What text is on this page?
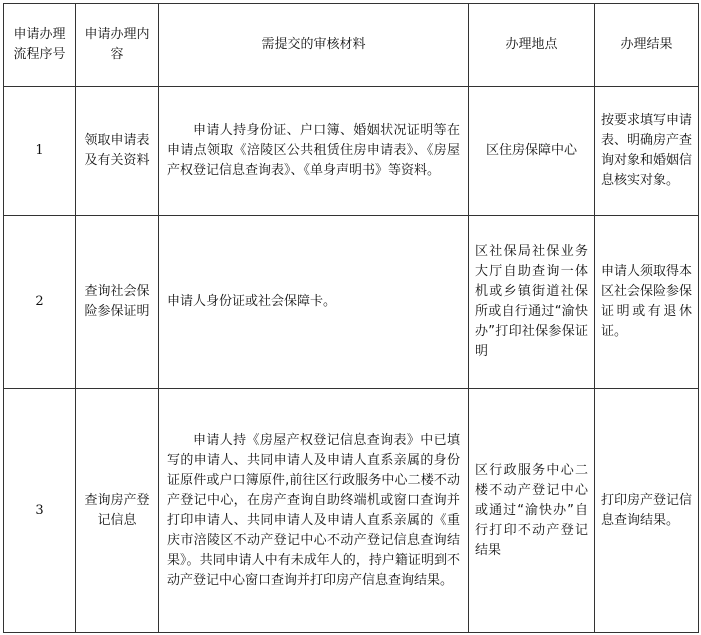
申请办理流程序号	申请办理内容	需提交的审核材料	办理地点	办理结果
1	领取申请表及有关资料	申请人持身份证、户口簿、婚姻状况证明等在申请点领取《涪陵区公共租赁住房申请表》、《房屋产权登记信息查询表》、《单身声明书》等资料。	区住房保障中心	按要求填写申请表、明确房产查询对象和婚姻信息核实对象。
2	查询社会保险参保证明	申请人身份证或社会保障卡。	区社保局社保业务大厅自助查询一体机或乡镇街道社保所或自行通过“渝快办”打印社保参保证明	申请人须取得本区社会保险参保证明或有退休证。
3	查询房产登记信息	申请人持《房屋产权登记信息查询表》中已填写的申请人、共同申请人及申请人直系亲属的身份证原件或户口簿原件,前往区行政服务中心二楼不动产登记中心，在房产查询自助终端机或窗口查询并打印申请人、共同申请人及申请人直系亲属的《重庆市涪陵区不动产登记中心不动产登记信息查询结果》。共同申请人中有未成年人的，持户籍证明到不动产登记中心窗口查询并打印房产信息查询结果。	区行政服务中心二楼不动产登记中心或通过“渝快办”自行打印不动产登记结果	打印房产登记信息查询结果。
